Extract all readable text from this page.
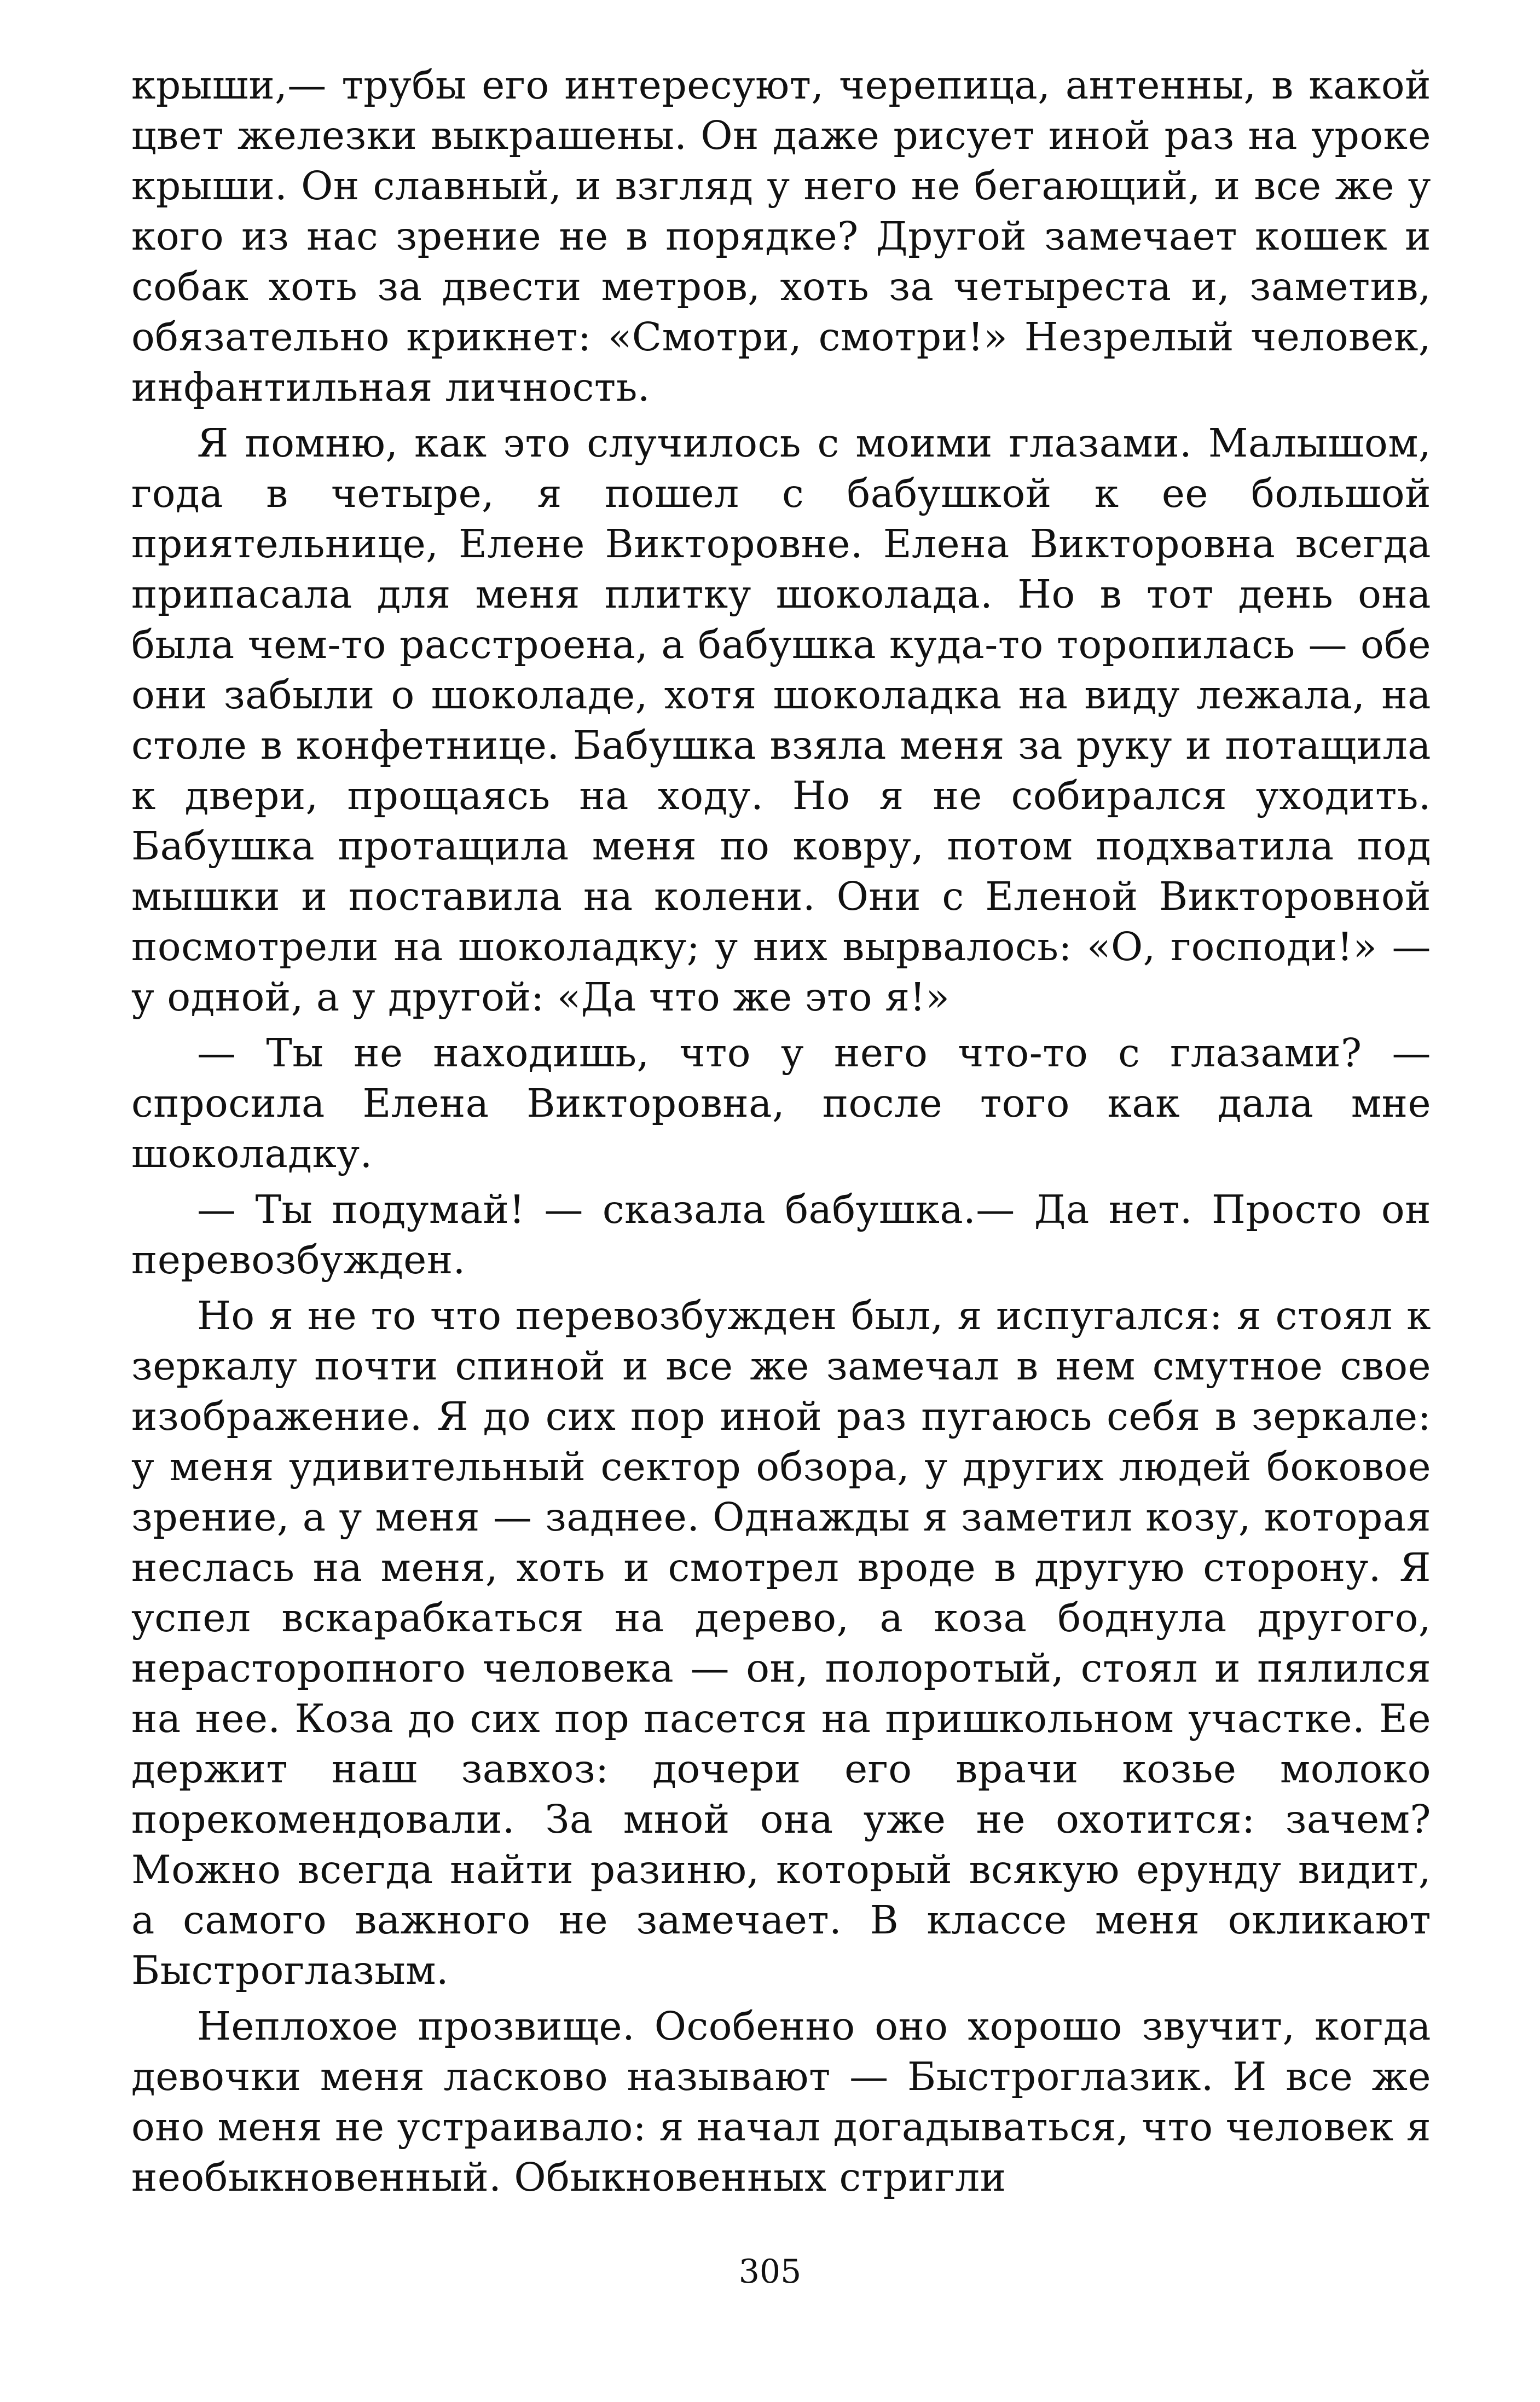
крыши,— трубы его интересуют, черепица, антенны, в какой цвет железки выкрашены. Он даже рисует иной раз на уроке крыши. Он славный, и взгляд у него не бегающий, и все же у кого из нас зрение не в порядке? Другой замечает кошек и собак хоть за двести метров, хоть за четыреста и, заметив, обязательно крикнет: «Смотри, смотри!» Незрелый человек, инфантильная личность.

Я помню, как это случилось с моими глазами. Малышом, года в четыре, я пошел с бабушкой к ее большой приятельнице, Елене Викторовне. Елена Викторовна всегда припасала для меня плитку шоколада. Но в тот день она была чем-то расстроена, а бабушка куда-то торопилась — обе они забыли о шоколаде, хотя шоколадка на виду лежала, на столе в конфетнице. Бабушка взяла меня за руку и потащила к двери, прощаясь на ходу. Но я не собирался уходить. Бабушка протащила меня по ковру, потом подхватила под мышки и поставила на колени. Они с Еленой Викторовной посмотрели на шоколадку; у них вырвалось: «О, господи!» — у одной, а у другой: «Да что же это я!»

— Ты не находишь, что у него что-то с глазами? — спросила Елена Викторовна, после того как дала мне шоколадку.

— Ты подумай! — сказала бабушка.— Да нет. Просто он перевозбужден.

Но я не то что перевозбужден был, я испугался: я стоял к зеркалу почти спиной и все же замечал в нем смутное свое изображение. Я до сих пор иной раз пугаюсь себя в зеркале: у меня удивительный сектор обзора, у других людей боковое зрение, а у меня — заднее. Однажды я заметил козу, которая неслась на меня, хоть и смотрел вроде в другую сторону. Я успел вскарабкаться на дерево, а коза боднула другого, нерасторопного человека — он, полоротый, стоял и пялился на нее. Коза до сих пор пасется на пришкольном участке. Ее держит наш завхоз: дочери его врачи козье молоко порекомендовали. За мной она уже не охотится: зачем? Можно всегда найти разиню, который всякую ерунду видит, а самого важного не замечает. В классе меня окликают Быстроглазым.

Неплохое прозвище. Особенно оно хорошо звучит, когда девочки меня ласково называют — Быстроглазик. И все же оно меня не устраивало: я начал догадываться, что человек я необыкновенный. Обыкновенных стригли

305
